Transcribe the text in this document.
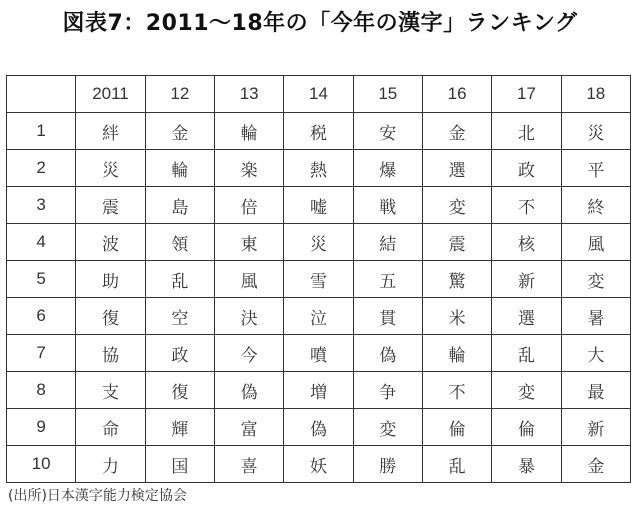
図表7：2011～18年の「今年の漢字」ランキング
	2011	12	13	14	15	16	17	18
1	絆	金	輪	税	安	金	北	災
2	災	輪	楽	熱	爆	選	政	平
3	震	島	倍	嘘	戦	変	不	終
4	波	領	東	災	結	震	核	風
5	助	乱	風	雪	五	驚	新	変
6	復	空	決	泣	貫	米	選	暑
7	協	政	今	噴	偽	輪	乱	大
8	支	復	偽	増	争	不	変	最
9	命	輝	富	偽	変	倫	倫	新
10	力	国	喜	妖	勝	乱	暴	金
(出所)日本漢字能力検定協会
